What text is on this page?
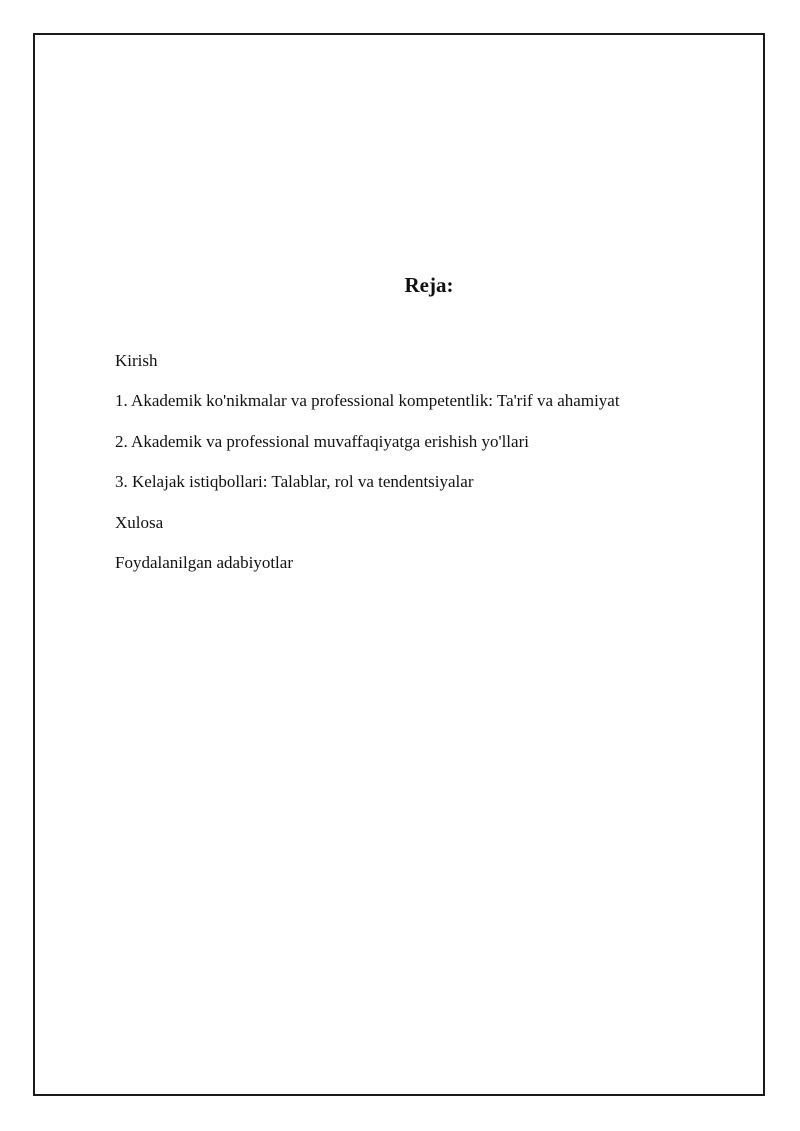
Reja:
Kirish
1. Akademik ko'nikmalar va professional kompetentlik: Ta'rif va ahamiyat
2. Akademik va professional muvaffaqiyatga erishish yo'llari
3. Kelajak istiqbollari: Talablar, rol va tendentsiyalar
Xulosa
Foydalanilgan adabiyotlar
